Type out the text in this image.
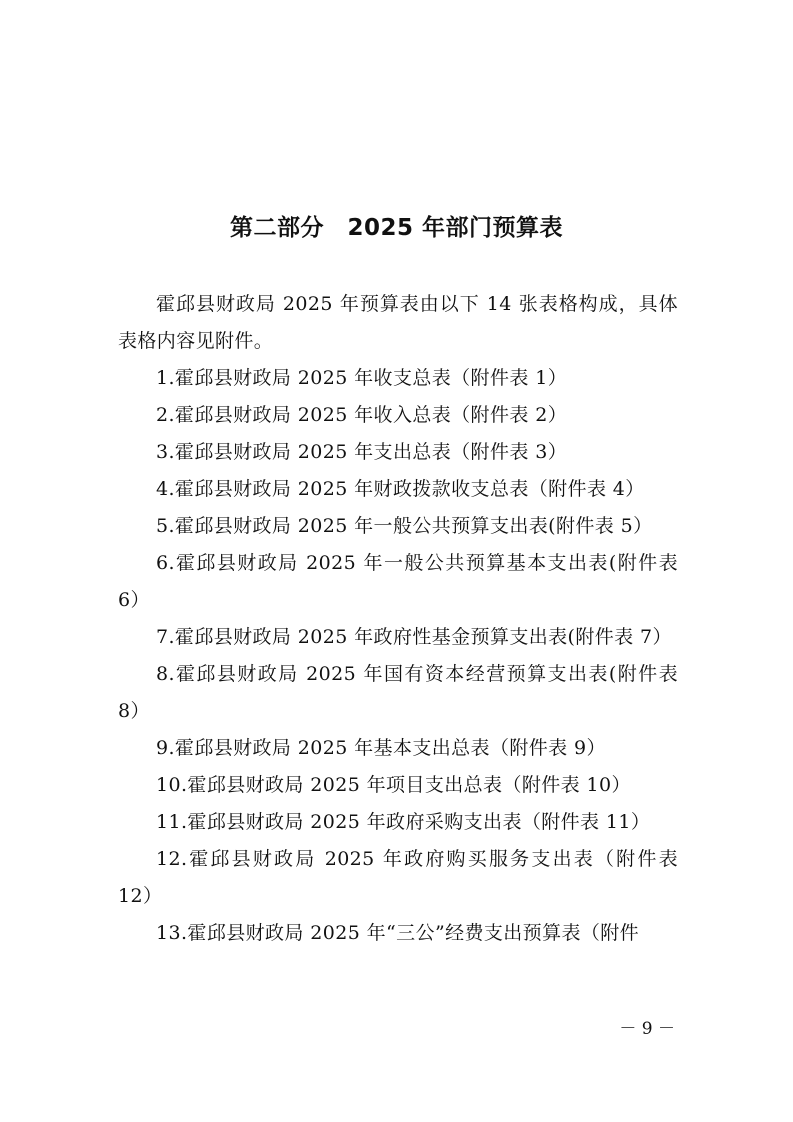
第二部分　2025 年部门预算表

霍邱县财政局 2025 年预算表由以下 14 张表格构成，具体表格内容见附件。

1.霍邱县财政局 2025 年收支总表（附件表 1）

2.霍邱县财政局 2025 年收入总表（附件表 2）

3.霍邱县财政局 2025 年支出总表（附件表 3）

4.霍邱县财政局 2025 年财政拨款收支总表（附件表 4）

5.霍邱县财政局 2025 年一般公共预算支出表(附件表 5）

6.霍邱县财政局 2025 年一般公共预算基本支出表(附件表 6）

7.霍邱县财政局 2025 年政府性基金预算支出表(附件表 7）

8.霍邱县财政局 2025 年国有资本经营预算支出表(附件表 8）

9.霍邱县财政局 2025 年基本支出总表（附件表 9）

10.霍邱县财政局 2025 年项目支出总表（附件表 10）

11.霍邱县财政局 2025 年政府采购支出表（附件表 11）

12.霍邱县财政局 2025 年政府购买服务支出表（附件表 12）

13.霍邱县财政局 2025 年“三公”经费支出预算表（附件

－ 9 －
